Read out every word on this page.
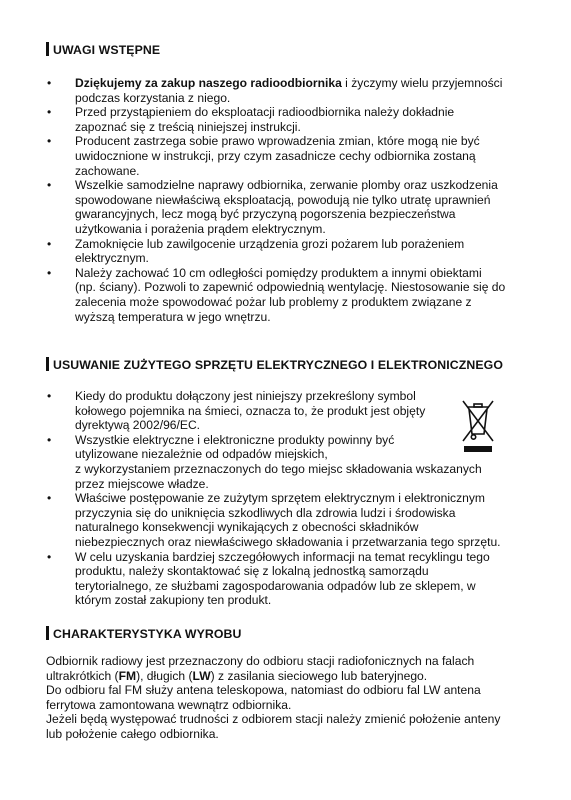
UWAGI WSTĘPNE
• Dziękujemy za zakup naszego radioodbiornika i życzymy wielu przyjemności
podczas korzystania z niego.
• Przed przystąpieniem do eksploatacji radioodbiornika należy dokładnie
zapoznać się z treścią niniejszej instrukcji.
• Producent zastrzega sobie prawo wprowadzenia zmian, które mogą nie być
uwidocznione w instrukcji, przy czym zasadnicze cechy odbiornika zostaną
zachowane.
• Wszelkie samodzielne naprawy odbiornika, zerwanie plomby oraz uszkodzenia
spowodowane niewłaściwą eksploatacją, powodują nie tylko utratę uprawnień
gwarancyjnych, lecz mogą być przyczyną pogorszenia bezpieczeństwa
użytkowania i porażenia prądem elektrycznym.
• Zamoknięcie lub zawilgocenie urządzenia grozi pożarem lub porażeniem
elektrycznym.
• Należy zachować 10 cm odległości pomiędzy produktem a innymi obiektami
(np. ściany). Pozwoli to zapewnić odpowiednią wentylację. Niestosowanie się do
zalecenia może spowodować pożar lub problemy z produktem związane z
wyższą temperatura w jego wnętrzu.
USUWANIE ZUŻYTEGO SPRZĘTU ELEKTRYCZNEGO I ELEKTRONICZNEGO
• Kiedy do produktu dołączony jest niniejszy przekreślony symbol
kołowego pojemnika na śmieci, oznacza to, że produkt jest objęty
dyrektywą 2002/96/EC.
• Wszystkie elektryczne i elektroniczne produkty powinny być
utylizowane niezależnie od odpadów miejskich,
z wykorzystaniem przeznaczonych do tego miejsc składowania wskazanych
przez miejscowe władze.
• Właściwe postępowanie ze zużytym sprzętem elektrycznym i elektronicznym
przyczynia się do uniknięcia szkodliwych dla zdrowia ludzi i środowiska
naturalnego konsekwencji wynikających z obecności składników
niebezpiecznych oraz niewłaściwego składowania i przetwarzania tego sprzętu.
• W celu uzyskania bardziej szczegółowych informacji na temat recyklingu tego
produktu, należy skontaktować się z lokalną jednostką samorządu
terytorialnego, ze służbami zagospodarowania odpadów lub ze sklepem, w
którym został zakupiony ten produkt.
CHARAKTERYSTYKA WYROBU

Odbiornik radiowy jest przeznaczony do odbioru stacji radiofonicznych na falach
ultrakrótkich (FM), długich (LW) z zasilania sieciowego lub bateryjnego.
Do odbioru fal FM służy antena teleskopowa, natomiast do odbioru fal LW antena
ferrytowa zamontowana wewnątrz odbiornika.
Jeżeli będą występować trudności z odbiorem stacji należy zmienić położenie anteny
lub położenie całego odbiornika.
